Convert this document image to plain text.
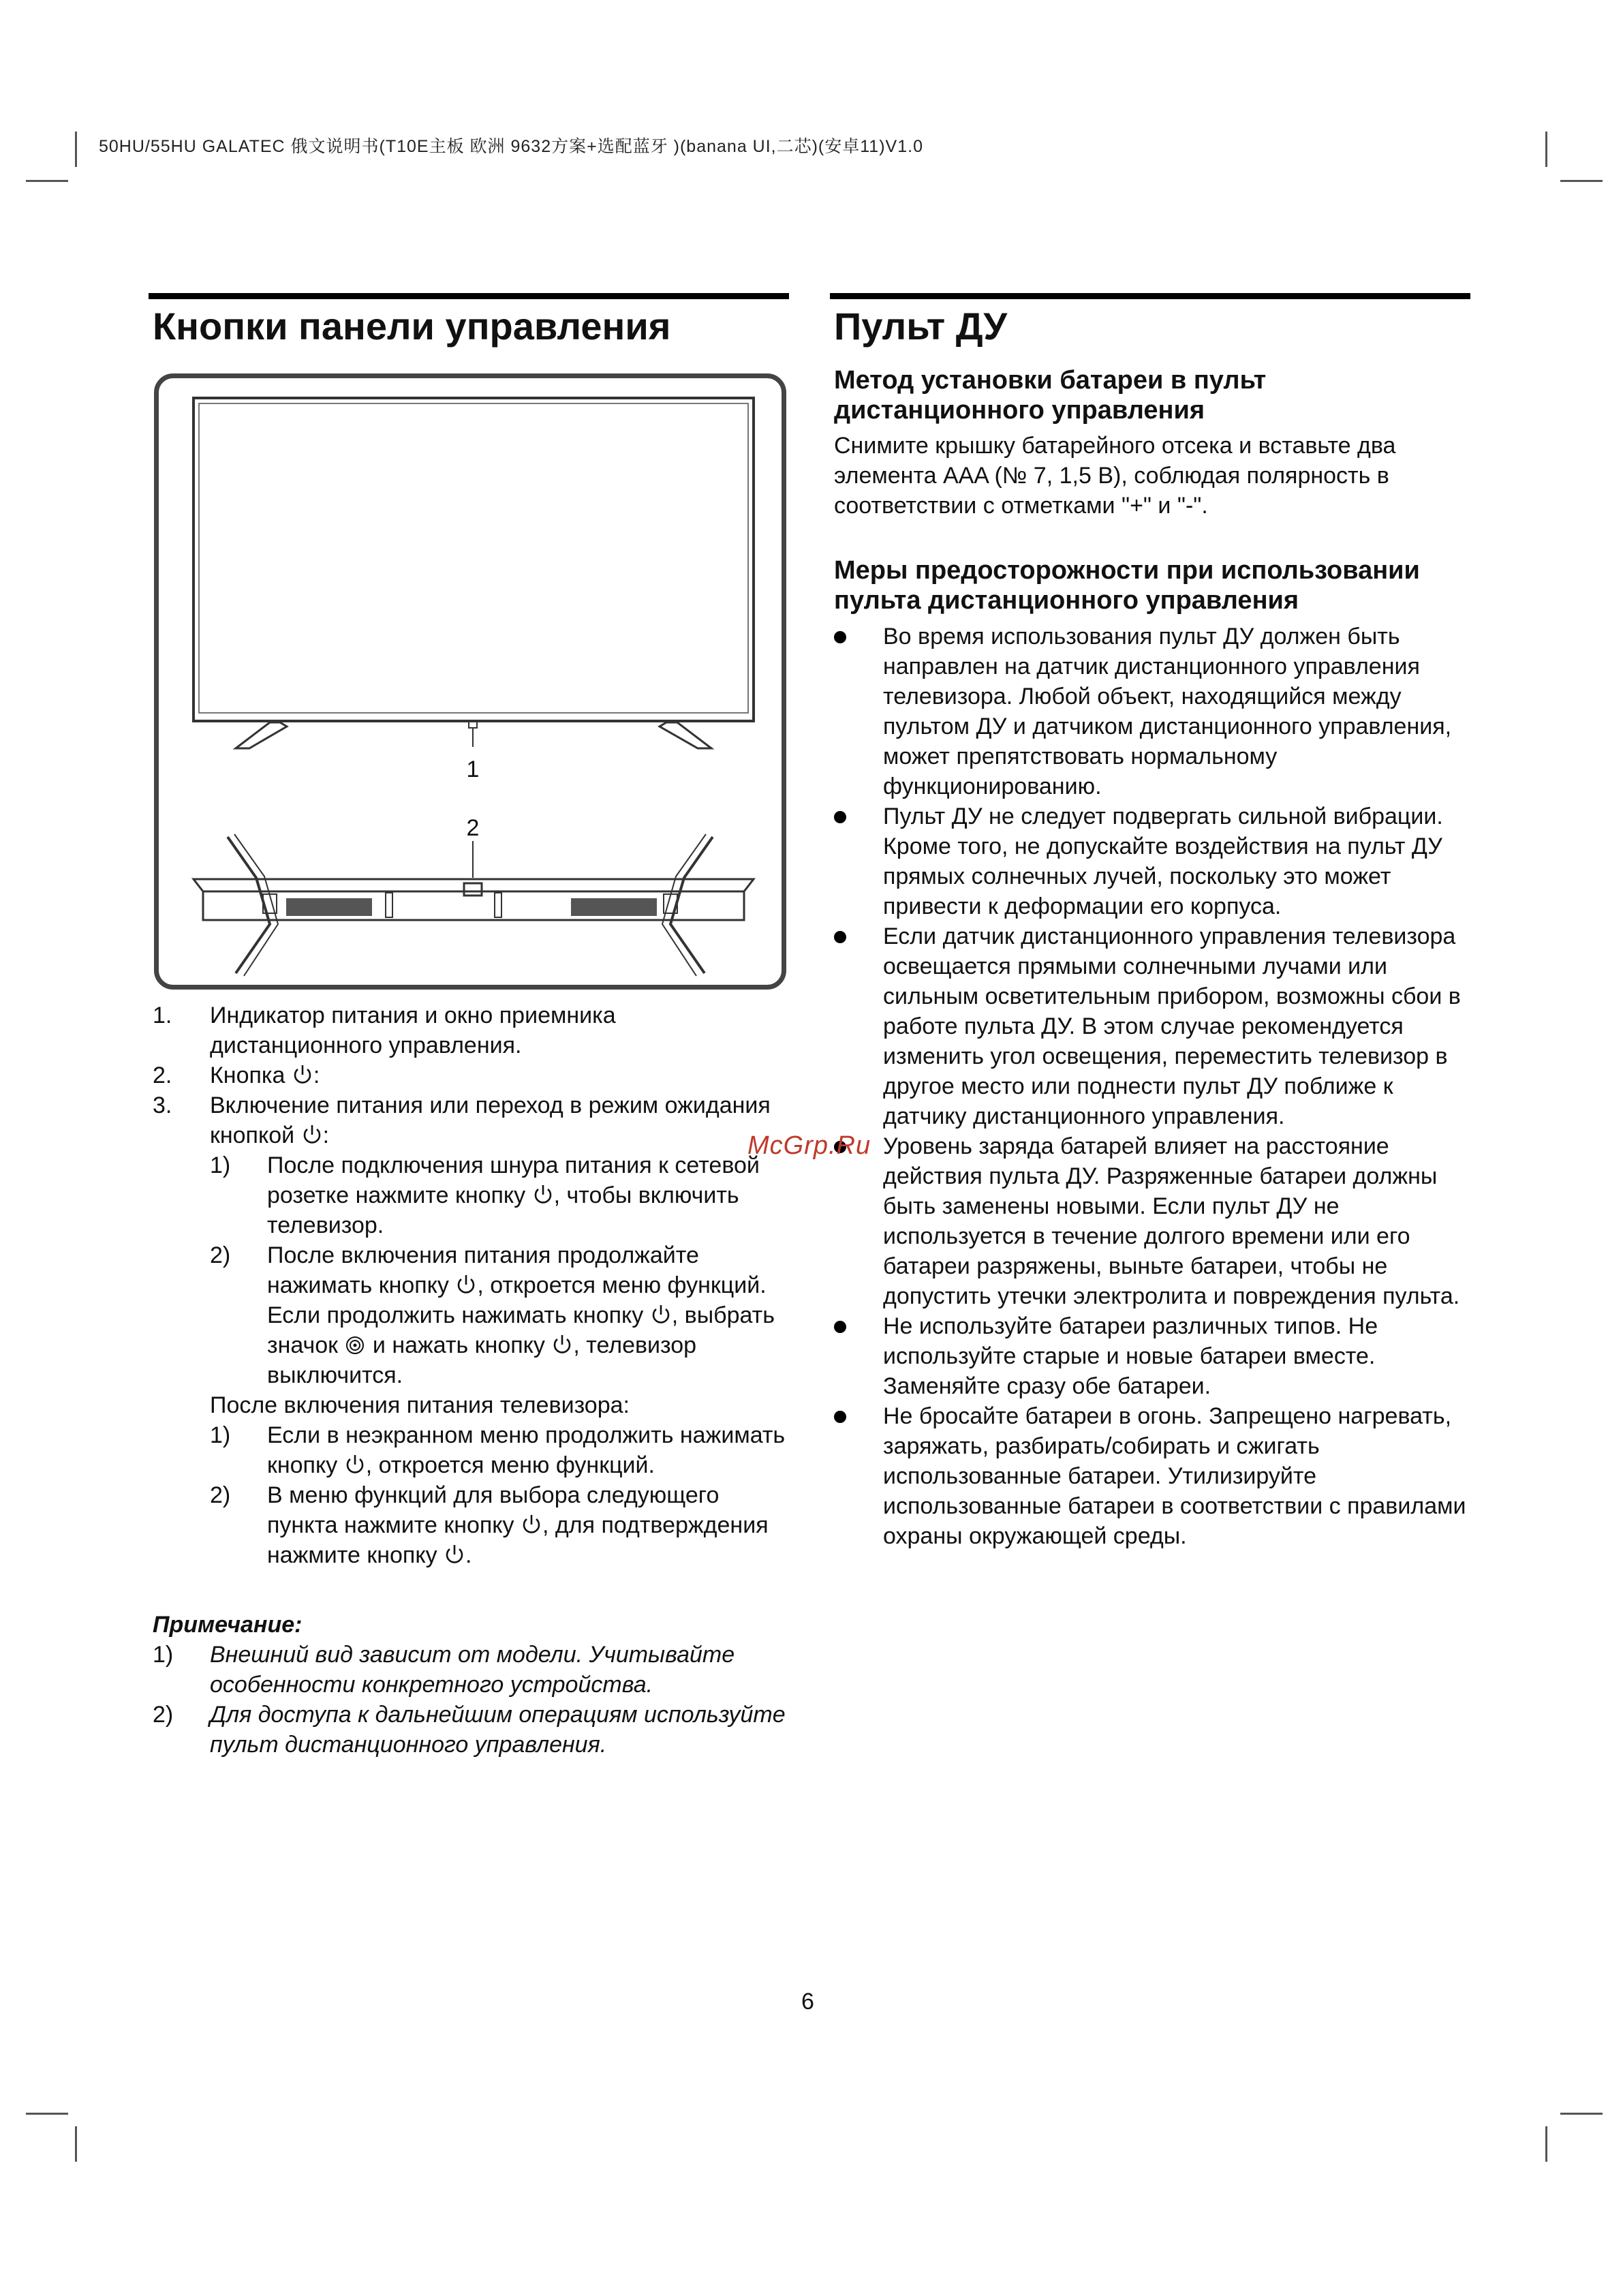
50HU/55HU GALATEC 俄文说明书(T10E主板 欧洲 9632方案+选配蓝牙 )(banana UI,二芯)(安卓11)V1.0
Кнопки панели управления
1
2
1. Индикатор питания и окно приемника дистанционного управления.
2. Кнопка
:
3. Включение питания или переход в режим ожидания кнопкой
:
1) После подключения шнура питания к сетевой розетке нажмите кнопку
, чтобы включить телевизор.
2) После включения питания продолжайте нажимать кнопку
, откроется меню функций. Если продолжить нажимать кнопку
, выбрать значок
и нажать кнопку
, телевизор выключится.
После включения питания телевизора:
1) Если в неэкранном меню продолжить нажимать кнопку
, откроется меню функций.
2) В меню функций для выбора следующего пункта нажмите кнопку
, для подтверждения нажмите кнопку
.
Примечание:
1) Внешний вид зависит от модели. Учитывайте особенности конкретного устройства.
2) Для доступа к дальнейшим операциям используйте пульт дистанционного управления.
Пульт ДУ
Метод установки батареи в пульт дистанционного управления
Снимите крышку батарейного отсека и вставьте два элемента AAA (№ 7, 1,5 В), соблюдая полярность в соответствии с отметками "+" и "-".
Меры предосторожности при использовании пульта дистанционного управления
Во время использования пульт ДУ должен быть направлен на датчик дистанционного управления телевизора. Любой объект, находящийся между пультом ДУ и датчиком дистанционного управления, может препятствовать нормальному функционированию.
Пульт ДУ не следует подвергать сильной вибрации. Кроме того, не допускайте воздействия на пульт ДУ прямых солнечных лучей, поскольку это может привести к деформации его корпуса.
Если датчик дистанционного управления телевизора освещается прямыми солнечными лучами или сильным осветительным прибором, возможны сбои в работе пульта ДУ. В этом случае рекомендуется изменить угол освещения, переместить телевизор в другое место или поднести пульт ДУ поближе к датчику дистанционного управления.
Уровень заряда батарей влияет на расстояние действия пульта ДУ. Разряженные батареи должны быть заменены новыми. Если пульт ДУ не используется в течение долгого времени или его батареи разряжены, выньте батареи, чтобы не допустить утечки электролита и повреждения пульта.
Не используйте батареи различных типов. Не используйте старые и новые батареи вместе. Заменяйте сразу обе батареи.
Не бросайте батареи в огонь. Запрещено нагревать, заряжать, разбирать/собирать и сжигать использованные батареи. Утилизируйте использованные батареи в соответствии с правилами охраны окружающей среды.
McGrp.Ru
6
